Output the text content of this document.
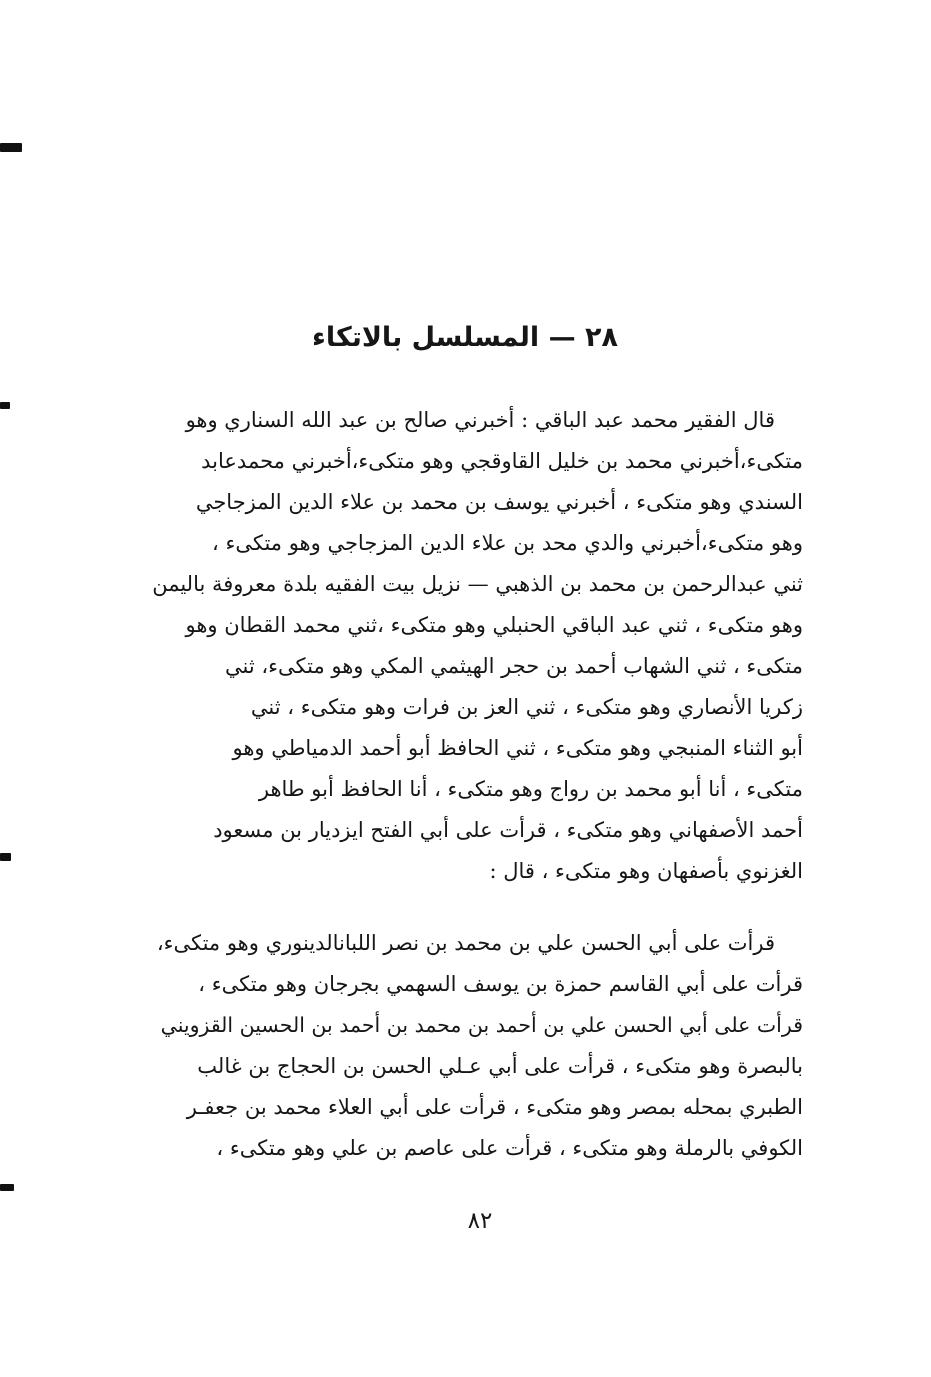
٢٨ — المسلسل بالاتكاء
قال الفقير محمد عبد الباقي : أخبرني صالح بن عبد الله السناري وهو
متكىء،أخبرني محمد بن خليل القاوقجي وهو متكىء،أخبرني محمدعابد
السندي وهو متكىء ، أخبرني يوسف بن محمد بن علاء الدين المزجاجي
وهو متكىء،أخبرني والدي محد بن علاء الدين المزجاجي وهو متكىء ،
ثني عبدالرحمن بن محمد بن الذهبي — نزيل بيت الفقيه بلدة معروفة باليمن
وهو متكىء ، ثني عبد الباقي الحنبلي وهو متكىء ،ثني محمد القطان وهو
متكىء ، ثني الشهاب أحمد بن حجر الهيثمي المكي وهو متكىء، ثني
زكريا الأنصاري وهو متكىء ، ثني العز بن فرات وهو متكىء ، ثني
أبو الثناء المنبجي وهو متكىء ، ثني الحافظ أبو أحمد الدمياطي وهو
متكىء ، أنا أبو محمد بن رواج وهو متكىء ، أنا الحافظ أبو طاهر
أحمد الأصفهاني وهو متكىء ، قرأت على أبي الفتح ايزديار بن مسعود
الغزنوي بأصفهان وهو متكىء ، قال :
قرأت على أبي الحسن علي بن محمد بن نصر اللبانالدينوري وهو متكىء،
قرأت على أبي القاسم حمزة بن يوسف السهمي بجرجان وهو متكىء ،
قرأت على أبي الحسن علي بن أحمد بن محمد بن أحمد بن الحسين القزويني
بالبصرة وهو متكىء ، قرأت على أبي عـلي الحسن بن الحجاج بن غالب
الطبري بمحله بمصر وهو متكىء ، قرأت على أبي العلاء محمد بن جعفـر
الكوفي بالرملة وهو متكىء ، قرأت على عاصم بن علي وهو متكىء ،

٨٢
